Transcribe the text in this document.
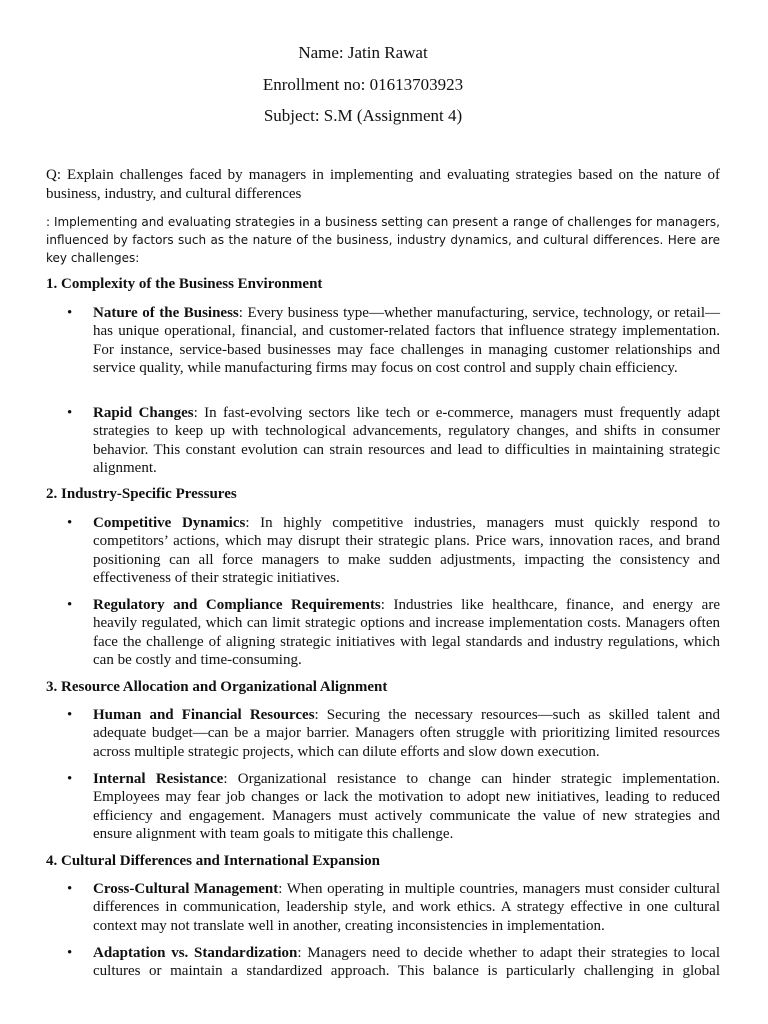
Name: Jatin Rawat
Enrollment no: 01613703923
Subject: S.M (Assignment 4)
Q: Explain challenges faced by managers in implementing and evaluating strategies based on the nature of business, industry, and cultural differences
: Implementing and evaluating strategies in a business setting can present a range of challenges for managers, influenced by factors such as the nature of the business, industry dynamics, and cultural differences. Here are key challenges:
1. Complexity of the Business Environment
• Nature of the Business: Every business type—whether manufacturing, service, technology, or retail—has unique operational, financial, and customer-related factors that influence strategy implementation. For instance, service-based businesses may face challenges in managing customer relationships and service quality, while manufacturing firms may focus on cost control and supply chain efficiency.
• Rapid Changes: In fast-evolving sectors like tech or e-commerce, managers must frequently adapt strategies to keep up with technological advancements, regulatory changes, and shifts in consumer behavior. This constant evolution can strain resources and lead to difficulties in maintaining strategic alignment.
2. Industry-Specific Pressures
• Competitive Dynamics: In highly competitive industries, managers must quickly respond to competitors’ actions, which may disrupt their strategic plans. Price wars, innovation races, and brand positioning can all force managers to make sudden adjustments, impacting the consistency and effectiveness of their strategic initiatives.
• Regulatory and Compliance Requirements: Industries like healthcare, finance, and energy are heavily regulated, which can limit strategic options and increase implementation costs. Managers often face the challenge of aligning strategic initiatives with legal standards and industry regulations, which can be costly and time-consuming.
3. Resource Allocation and Organizational Alignment
• Human and Financial Resources: Securing the necessary resources—such as skilled talent and adequate budget—can be a major barrier. Managers often struggle with prioritizing limited resources across multiple strategic projects, which can dilute efforts and slow down execution.
• Internal Resistance: Organizational resistance to change can hinder strategic implementation. Employees may fear job changes or lack the motivation to adopt new initiatives, leading to reduced efficiency and engagement. Managers must actively communicate the value of new strategies and ensure alignment with team goals to mitigate this challenge.
4. Cultural Differences and International Expansion
• Cross-Cultural Management: When operating in multiple countries, managers must consider cultural differences in communication, leadership style, and work ethics. A strategy effective in one cultural context may not translate well in another, creating inconsistencies in implementation.
• Adaptation vs. Standardization: Managers need to decide whether to adapt their strategies to local cultures or maintain a standardized approach. This balance is particularly challenging in global
